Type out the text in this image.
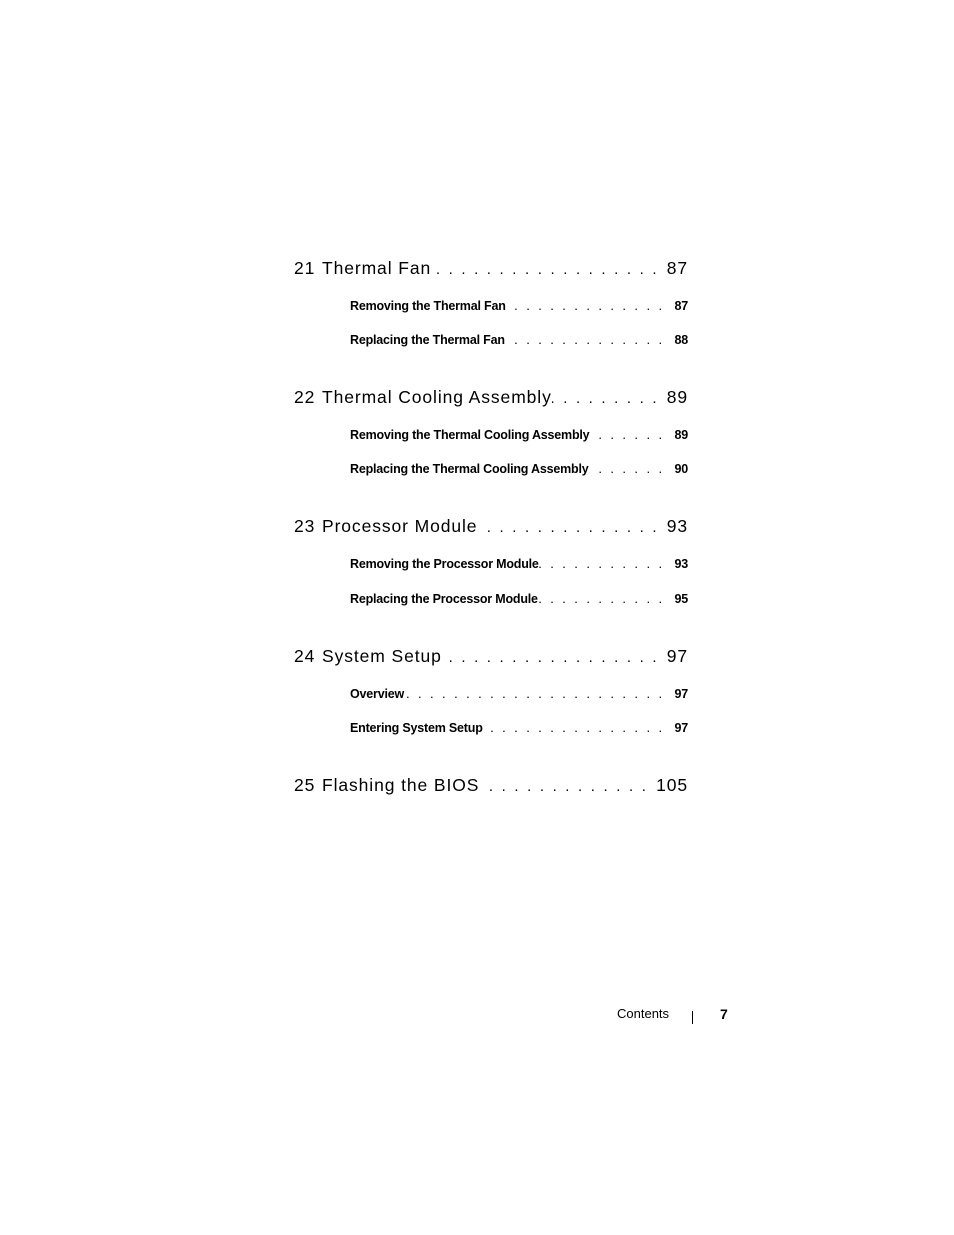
21 Thermal Fan . . .	87
Removing the Thermal Fan . . .	87
Replacing the Thermal Fan . . .	88
22 Thermal Cooling Assembly . . .	89
Removing the Thermal Cooling Assembly . . .	89
Replacing the Thermal Cooling Assembly . . .	90
23 Processor Module . . .	93
Removing the Processor Module . . .	93
Replacing the Processor Module . . .	95
24 System Setup . . .	97
Overview . . .	97
Entering System Setup . . .	97
25 Flashing the BIOS . . .	105
Contents	7
